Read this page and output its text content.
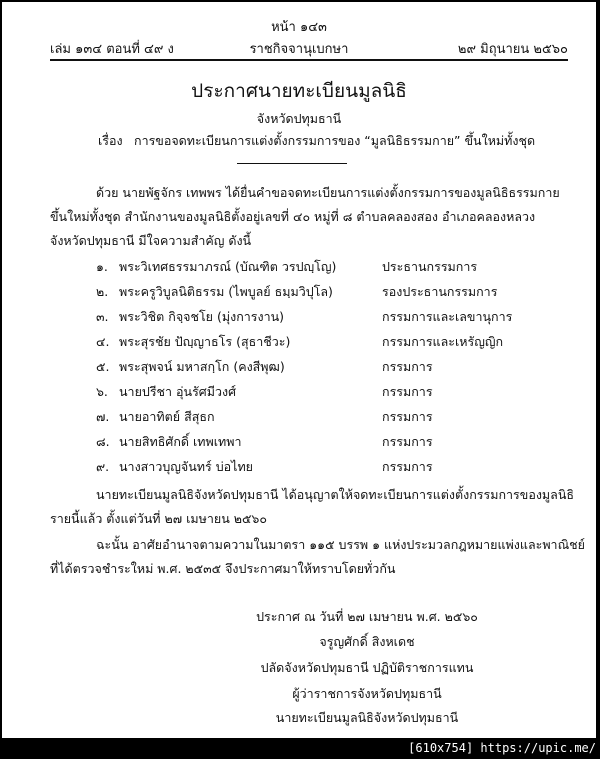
หน้า ๑๔๓
เล่ม ๑๓๔ ตอนที่ ๔๙ ง	ราชกิจจานุเบกษา	๒๙ มิถุนายน ๒๕๖๐
ประกาศนายทะเบียนมูลนิธิ
จังหวัดปทุมธานี
เรื่อง การขอจดทะเบียนการแต่งตั้งกรรมการของ “มูลนิธิธรรมกาย” ขึ้นใหม่ทั้งชุด
ด้วย นายพัฐจักร เทพพร ได้ยื่นคำขอจดทะเบียนการแต่งตั้งกรรมการของมูลนิธิธรรมกาย
ขึ้นใหม่ทั้งชุด สำนักงานของมูลนิธิตั้งอยู่เลขที่ ๔๐ หมู่ที่ ๘ ตำบลคลองสอง อำเภอคลองหลวง
จังหวัดปทุมธานี มีใจความสำคัญ ดังนี้
๑. พระวิเทศธรรมาภรณ์ (บัณฑิต วรปญฺโญ)	ประธานกรรมการ
๒. พระครูวิบูลนิติธรรม (ไพบูลย์ ธมฺมวิปุโล)	รองประธานกรรมการ
๓. พระวิชิต กิจฺจชโย (มุ่งการงาน)	กรรมการและเลขานุการ
๔. พระสุรชัย ปัญฺญาธโร (สุธาชีวะ)	กรรมการและเหรัญญิก
๕. พระสุพจน์ มหาสกฺโก (คงสีพุฒ)	กรรมการ
๖. นายปรีชา อุ่นรัศมีวงศ์	กรรมการ
๗. นายอาทิตย์ สีสุธก	กรรมการ
๘. นายสิทธิศักดิ์ เทพเทพา	กรรมการ
๙. นางสาวบุญจันทร์ บ่อไทย	กรรมการ
นายทะเบียนมูลนิธิจังหวัดปทุมธานี ได้อนุญาตให้จดทะเบียนการแต่งตั้งกรรมการของมูลนิธิ
รายนี้แล้ว ตั้งแต่วันที่ ๒๗ เมษายน ๒๕๖๐
ฉะนั้น อาศัยอำนาจตามความในมาตรา ๑๑๕ บรรพ ๑ แห่งประมวลกฎหมายแพ่งและพาณิชย์
ที่ได้ตรวจชำระใหม่ พ.ศ. ๒๕๓๕ จึงประกาศมาให้ทราบโดยทั่วกัน
ประกาศ ณ วันที่ ๒๗ เมษายน พ.ศ. ๒๕๖๐
จรูญศักดิ์ สิงหเดช
ปลัดจังหวัดปทุมธานี ปฏิบัติราชการแทน
ผู้ว่าราชการจังหวัดปทุมธานี
นายทะเบียนมูลนิธิจังหวัดปทุมธานี
[610x754] https://upic.me/
